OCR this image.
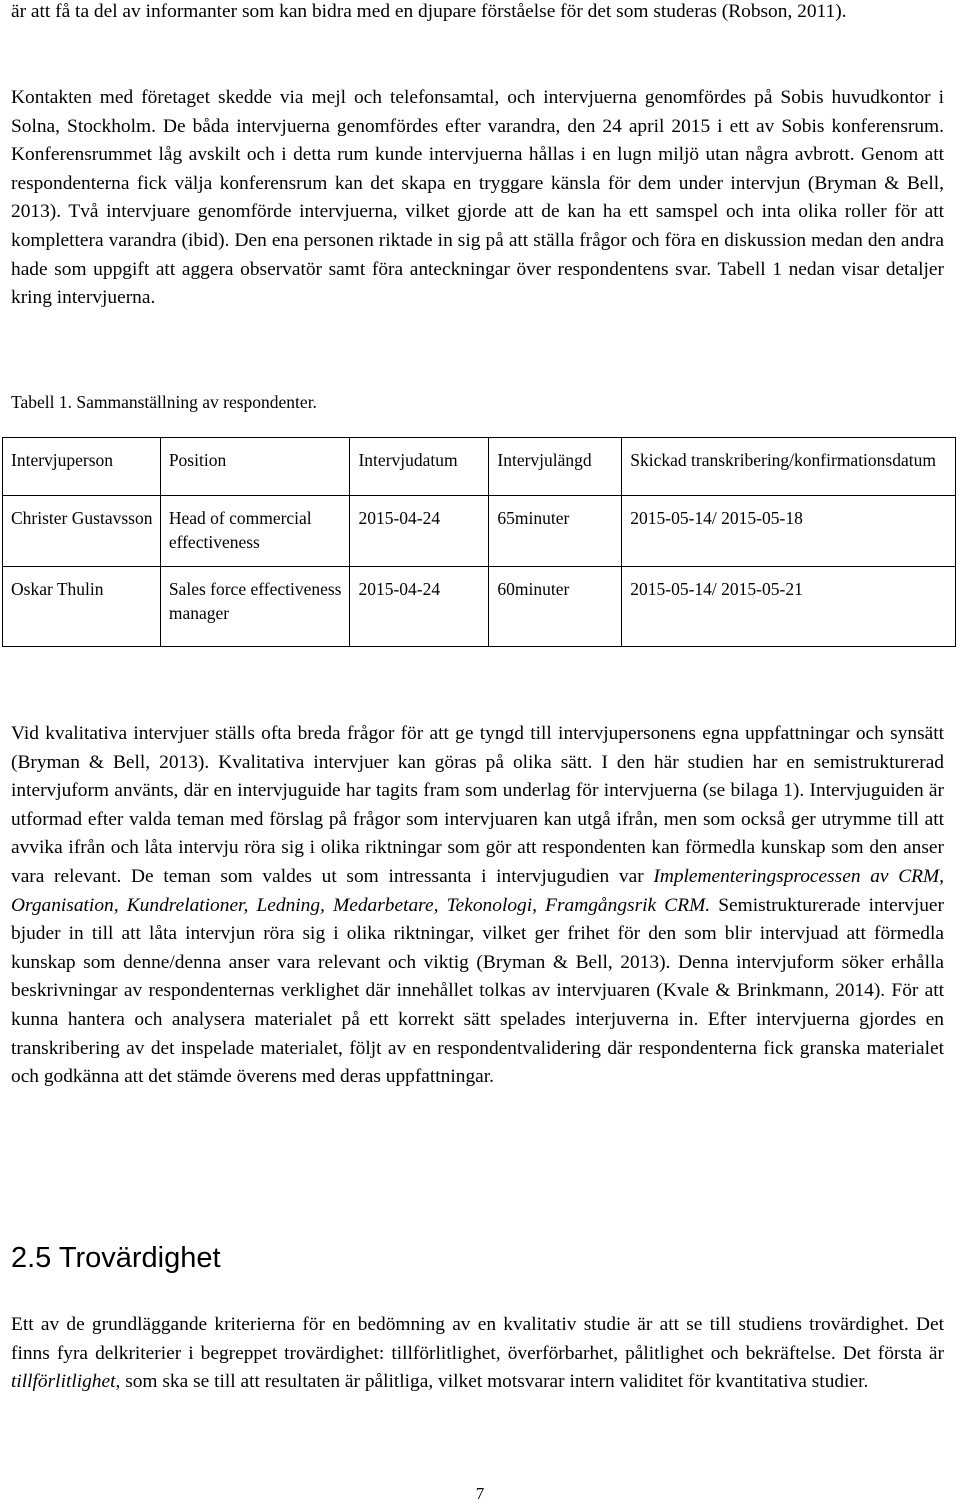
är att få ta del av informanter som kan bidra med en djupare förståelse för det som studeras (Robson, 2011).

Kontakten med företaget skedde via mejl och telefonsamtal, och intervjuerna genomfördes på Sobis huvudkontor i Solna, Stockholm. De båda intervjuerna genomfördes efter varandra, den 24 april 2015 i ett av Sobis konferensrum. Konferensrummet låg avskilt och i detta rum kunde intervjuerna hållas i en lugn miljö utan några avbrott. Genom att respondenterna fick välja konferensrum kan det skapa en tryggare känsla för dem under intervjun (Bryman & Bell, 2013). Två intervjuare genomförde intervjuerna, vilket gjorde att de kan ha ett samspel och inta olika roller för att komplettera varandra (ibid). Den ena personen riktade in sig på att ställa frågor och föra en diskussion medan den andra hade som uppgift att aggera observatör samt föra anteckningar över respondentens svar. Tabell 1 nedan visar detaljer kring intervjuerna.

Tabell 1. Sammanställning av respondenter.

Intervjuperson	Position	Intervjudatum	Intervjulängd	Skickad transkribering/konfirmationsdatum
Christer Gustavsson	Head of commercial effectiveness	2015-04-24	65minuter	2015-05-14/ 2015-05-18
Oskar Thulin	Sales force effectiveness manager	2015-04-24	60minuter	2015-05-14/ 2015-05-21

Vid kvalitativa intervjuer ställs ofta breda frågor för att ge tyngd till intervjupersonens egna uppfattningar och synsätt (Bryman & Bell, 2013). Kvalitativa intervjuer kan göras på olika sätt. I den här studien har en semistrukturerad intervjuform använts, där en intervjuguide har tagits fram som underlag för intervjuerna (se bilaga 1). Intervjuguiden är utformad efter valda teman med förslag på frågor som intervjuaren kan utgå ifrån, men som också ger utrymme till att avvika ifrån och låta intervju röra sig i olika riktningar som gör att respondenten kan förmedla kunskap som den anser vara relevant. De teman som valdes ut som intressanta i intervjugudien var Implementeringsprocessen av CRM, Organisation, Kundrelationer, Ledning, Medarbetare, Tekonologi, Framgångsrik CRM. Semistrukturerade intervjuer bjuder in till att låta intervjun röra sig i olika riktningar, vilket ger frihet för den som blir intervjuad att förmedla kunskap som denne/denna anser vara relevant och viktig (Bryman & Bell, 2013). Denna intervjuform söker erhålla beskrivningar av respondenternas verklighet där innehållet tolkas av intervjuaren (Kvale & Brinkmann, 2014). För att kunna hantera och analysera materialet på ett korrekt sätt spelades interjuverna in. Efter intervjuerna gjordes en transkribering av det inspelade materialet, följt av en respondentvalidering där respondenterna fick granska materialet och godkänna att det stämde överens med deras uppfattningar.

2.5 Trovärdighet

Ett av de grundläggande kriterierna för en bedömning av en kvalitativ studie är att se till studiens trovärdighet. Det finns fyra delkriterier i begreppet trovärdighet: tillförlitlighet, överförbarhet, pålitlighet och bekräftelse. Det första är tillförlitlighet, som ska se till att resultaten är pålitliga, vilket motsvarar intern validitet för kvantitativa studier.

7
